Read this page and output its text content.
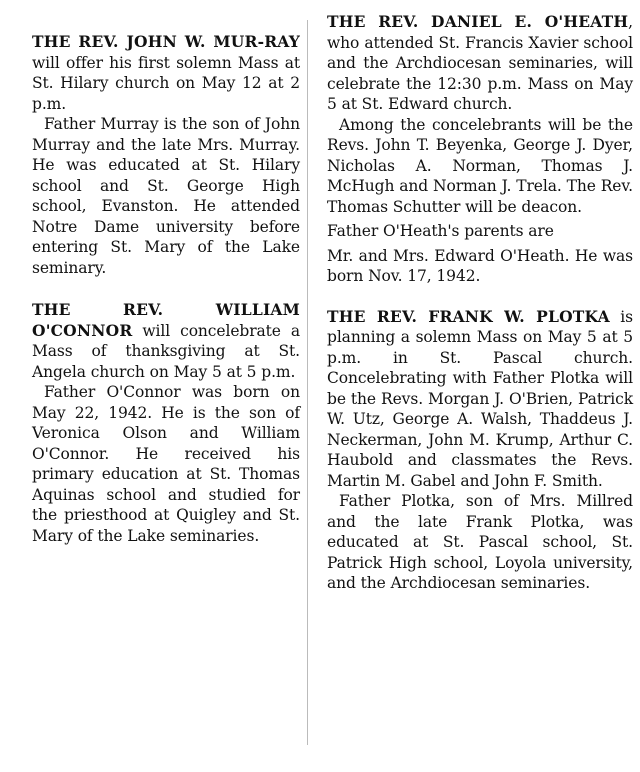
THE REV. JOHN W. MUR-RAY will offer his first solemn Mass at St. Hilary church on May 12 at 2 p.m.

Father Murray is the son of John Murray and the late Mrs. Murray. He was educated at St. Hilary school and St. George High school, Evanston. He attended Notre Dame university before entering St. Mary of the Lake seminary.

THE REV. WILLIAM O'CONNOR will concelebrate a Mass of thanksgiving at St. Angela church on May 5 at 5 p.m.

Father O'Connor was born on May 22, 1942. He is the son of Veronica Olson and William O'Connor. He received his primary education at St. Thomas Aquinas school and studied for the priesthood at Quigley and St. Mary of the Lake seminaries.

THE REV. DANIEL E. O'HEATH, who attended St. Francis Xavier school and the Archdiocesan seminaries, will celebrate the 12:30 p.m. Mass on May 5 at St. Edward church.

Among the concelebrants will be the Revs. John T. Beyenka, George J. Dyer, Nicholas A. Norman, Thomas J. McHugh and Norman J. Trela. The Rev. Thomas Schutter will be deacon.

Father O'Heath's parents are

Mr. and Mrs. Edward O'Heath. He was born Nov. 17, 1942.

THE REV. FRANK W. PLOTKA is planning a solemn Mass on May 5 at 5 p.m. in St. Pascal church. Concelebrating with Father Plotka will be the Revs. Morgan J. O'Brien, Patrick W. Utz, George A. Walsh, Thaddeus J. Neckerman, John M. Krump, Arthur C. Haubold and classmates the Revs. Martin M. Gabel and John F. Smith.

Father Plotka, son of Mrs. Millred and the late Frank Plotka, was educated at St. Pascal school, St. Patrick High school, Loyola university, and the Archdiocesan seminaries.
